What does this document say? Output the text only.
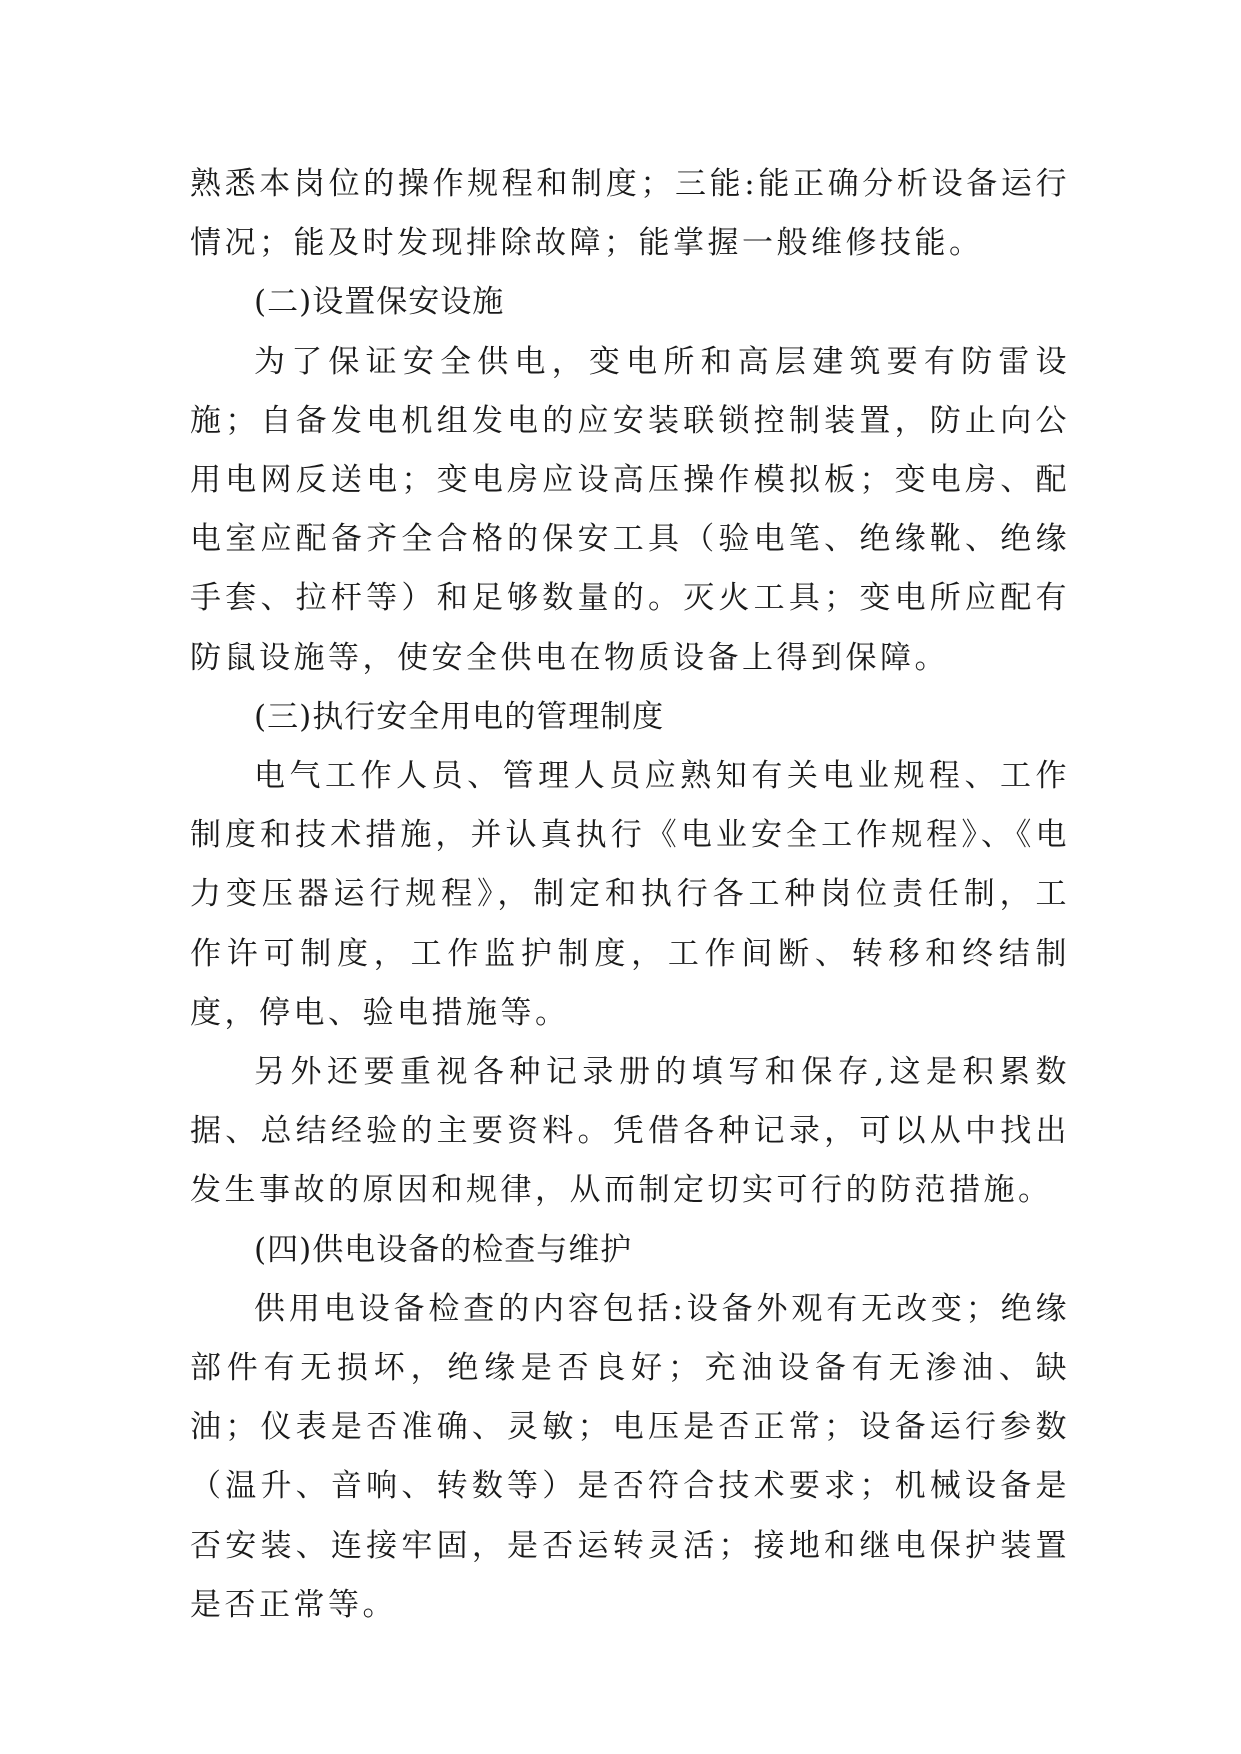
熟悉本岗位的操作规程和制度；三能:能正确分析设备运行情况；能及时发现排除故障；能掌握一般维修技能。

(二)设置保安设施

为了保证安全供电，变电所和高层建筑要有防雷设施；自备发电机组发电的应安装联锁控制装置，防止向公用电网反送电；变电房应设高压操作模拟板；变电房、配电室应配备齐全合格的保安工具（验电笔、绝缘靴、绝缘手套、拉杆等）和足够数量的。灭火工具；变电所应配有防鼠设施等，使安全供电在物质设备上得到保障。

(三)执行安全用电的管理制度

电气工作人员、管理人员应熟知有关电业规程、工作制度和技术措施，并认真执行《电业安全工作规程》、《电力变压器运行规程》，制定和执行各工种岗位责任制，工作许可制度，工作监护制度，工作间断、转移和终结制度，停电、验电措施等。

另外还要重视各种记录册的填写和保存,这是积累数据、总结经验的主要资料。凭借各种记录，可以从中找出发生事故的原因和规律，从而制定切实可行的防范措施。

(四)供电设备的检查与维护

供用电设备检查的内容包括:设备外观有无改变；绝缘部件有无损坏，绝缘是否良好；充油设备有无渗油、缺油；仪表是否准确、灵敏；电压是否正常；设备运行参数（温升、音响、转数等）是否符合技术要求；机械设备是否安装、连接牢固，是否运转灵活；接地和继电保护装置是否正常等。
